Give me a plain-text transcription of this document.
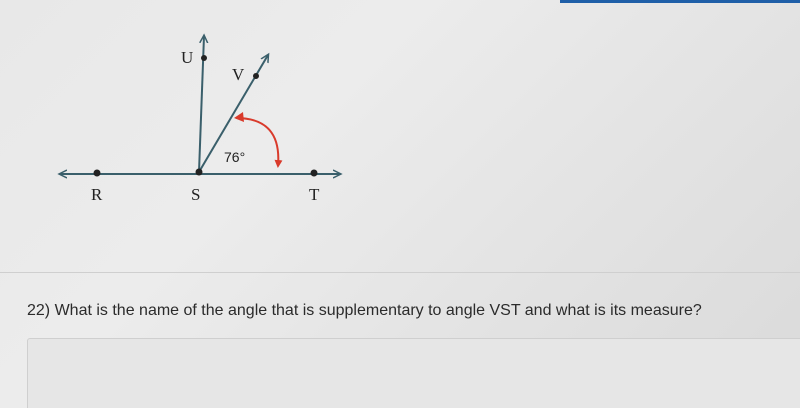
R	S	T
U
V
76°

22) What is the name of the angle that is supplementary to angle VST and what is its measure?
